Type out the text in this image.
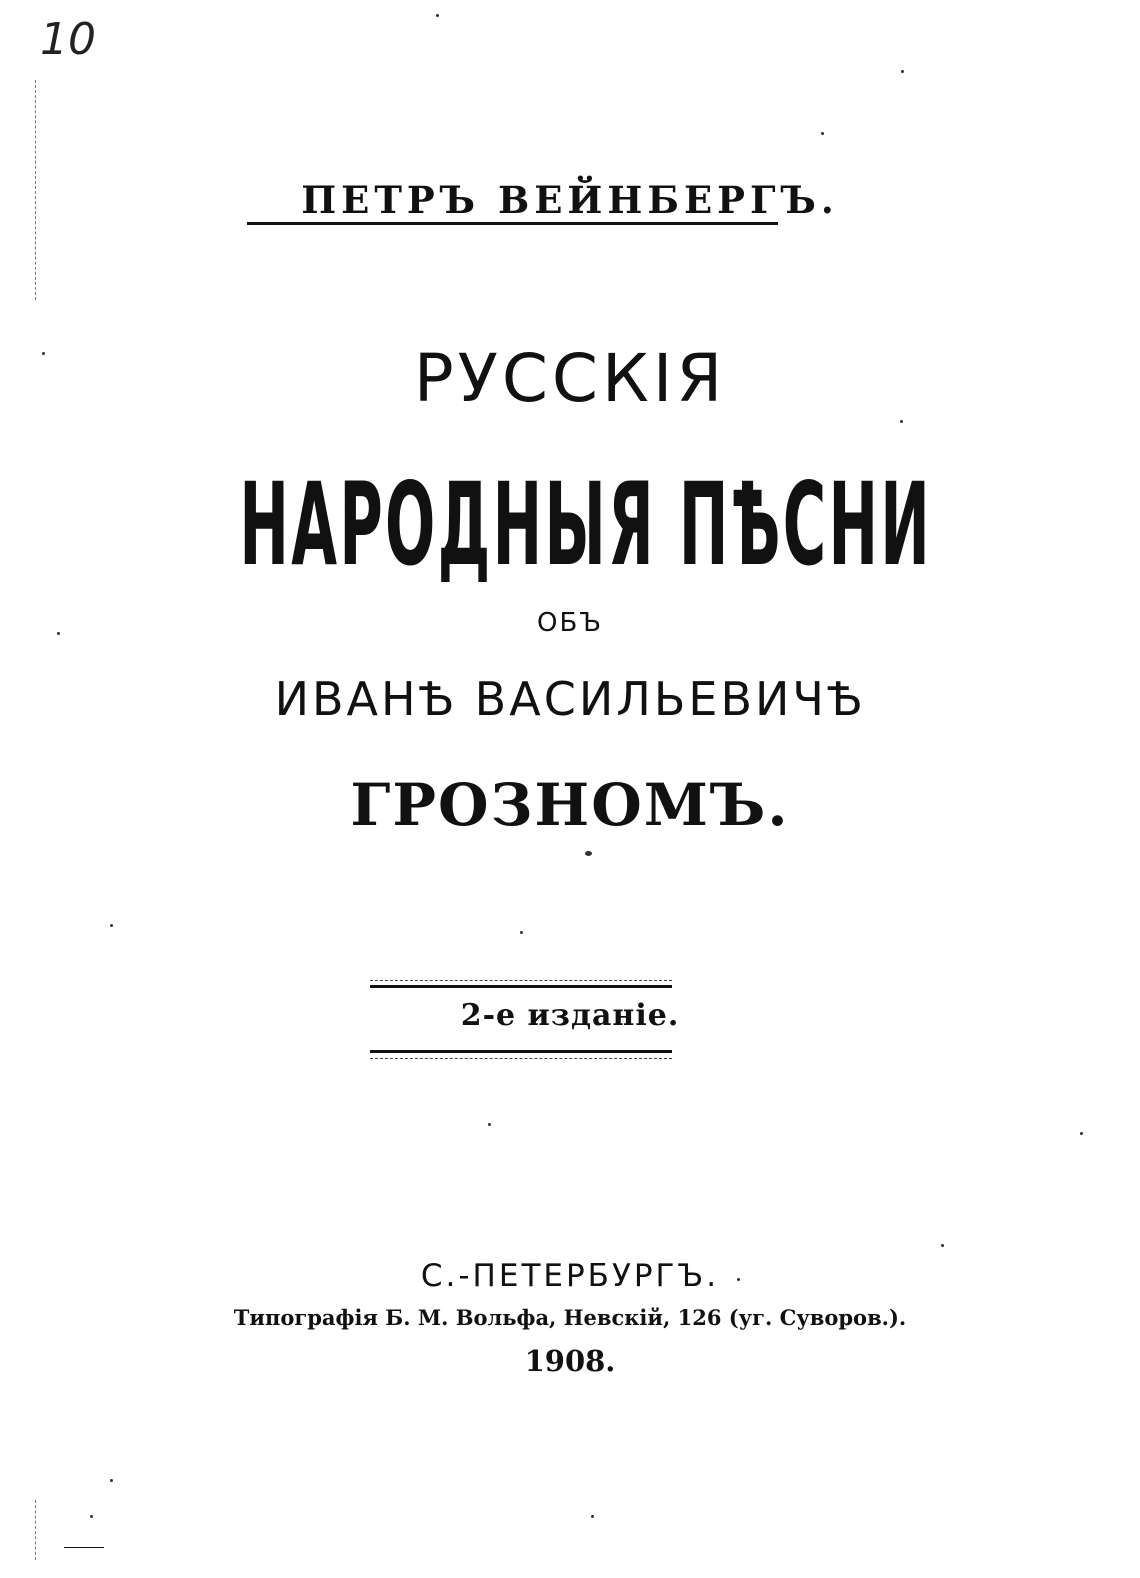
10
ПЕТРЪ ВЕЙНБЕРГЪ.
РУССКІЯ
НАРОДНЫЯ ПѢСНИ
ОБЪ
ИВАНѢ ВАСИЛЬЕВИЧѢ
ГРОЗНОМЪ.
2-е изданіе.
С.-ПЕТЕРБУРГЪ.
Типографія Б. М. Вольфа, Невскій, 126 (уг. Суворов.).
1908.
